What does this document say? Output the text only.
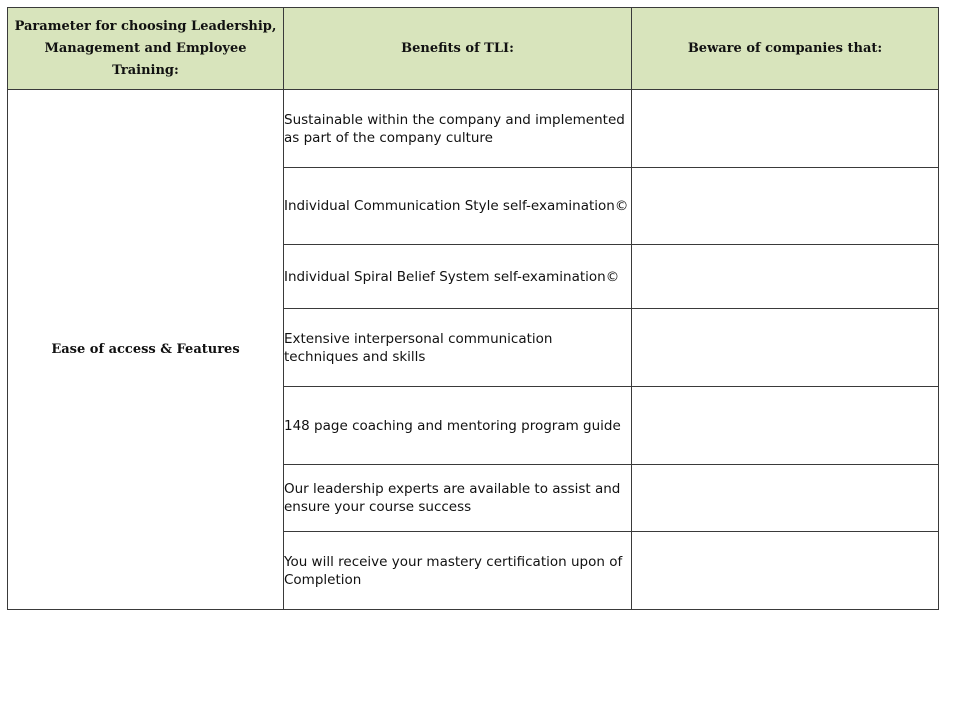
Parameter for choosing Leadership, Management and Employee Training:	Benefits of TLI:	Beware of companies that:
Ease of access & Features	Sustainable within the company and implemented as part of the company culture	
	Individual Communication Style self-examination©	
	Individual Spiral Belief System self-examination©	
	Extensive interpersonal communication techniques and skills	
	148 page coaching and mentoring program guide	
	Our leadership experts are available to assist and ensure your course success	
	You will receive your mastery certification upon of Completion	
